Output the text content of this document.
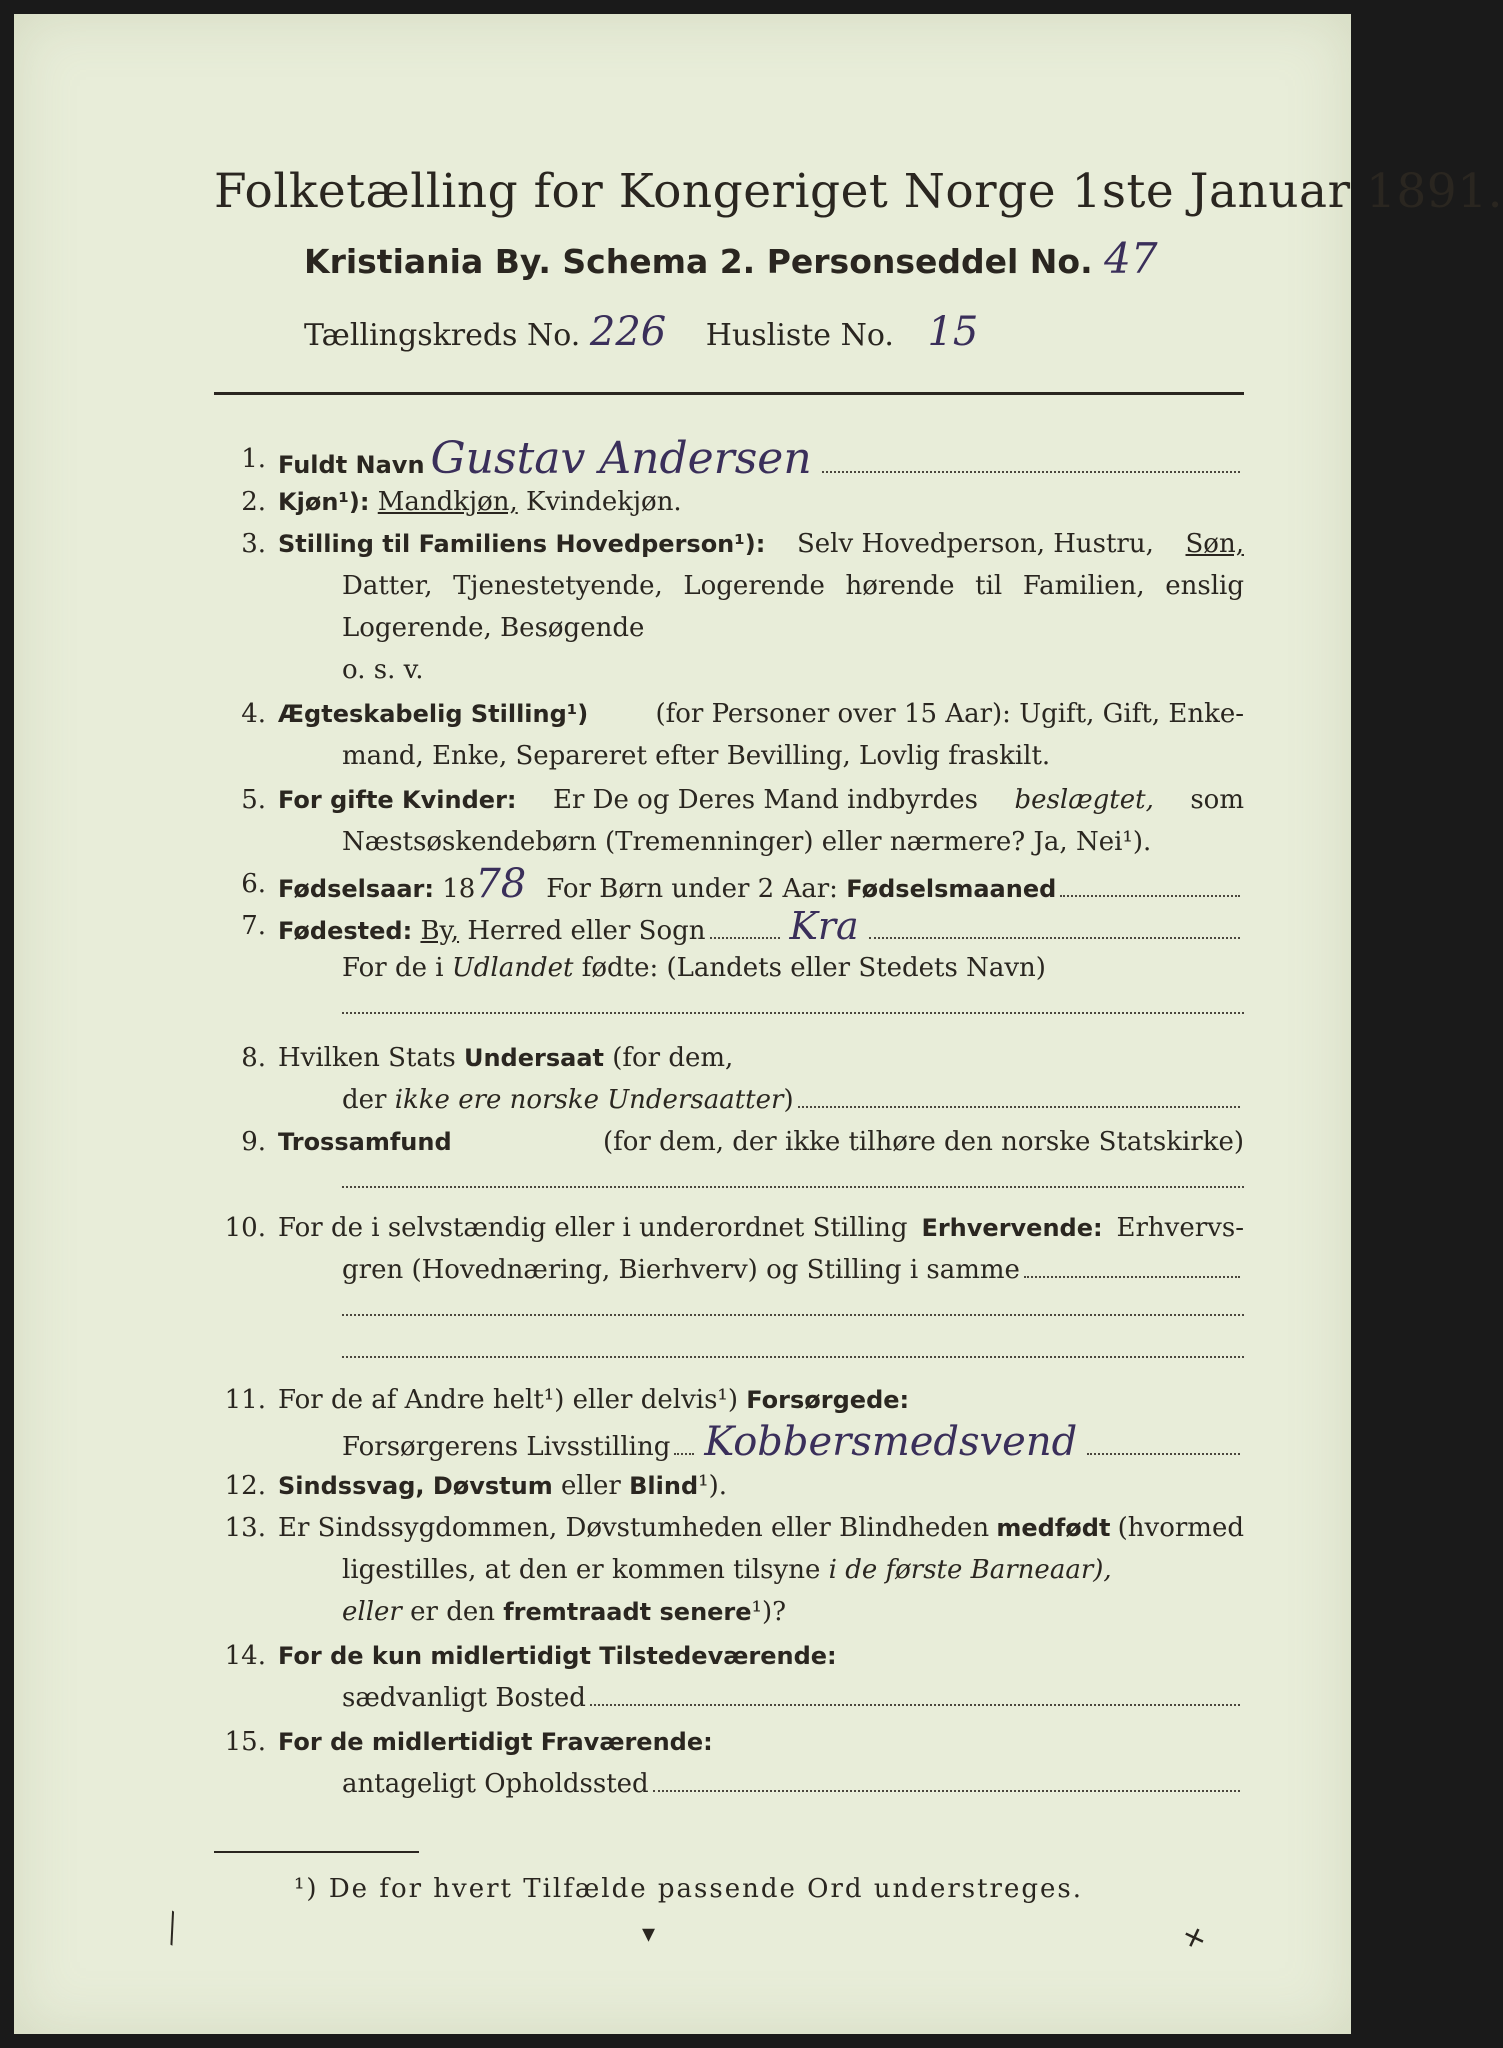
Folketælling for Kongeriget Norge 1ste Januar 1891.
Kristiania By. Schema 2. Personseddel No. 47
Tællingskreds No. 226 Husliste No. 15
1. Fuldt Navn Gustav Andersen
2. Kjøn¹):
Mandkjøn,
Kvindekjøn.
3. Stilling til Familiens Hovedperson¹): Selv Hovedperson, Hustru, Søn,
Datter, Tjenestetyende, Logerende hørende til Familien, enslig
Logerende, Besøgende
o. s. v.
4. Ægteskabelig Stilling¹)	(for Personer over 15 Aar): Ugift, Gift, Enke-
mand, Enke, Separeret efter Bevilling, Lovlig fraskilt.
5. For gifte Kvinder: Er De og Deres Mand indbyrdes beslægtet, som
Næstsøskendebørn (Tremenninger) eller nærmere? Ja, Nei¹).
6. Fødselsaar:
18 78 For Børn under 2 Aar:
Fødselsmaaned
7. Fødested:
By,
Herred eller Sogn Kra
For de i
Udlandet
fødte: (Landets eller Stedets Navn)
8. Hvilken Stats
Undersaat
(for dem,
der
ikke ere norske Undersaatter )
9. Trossamfund	(for dem, der ikke tilhøre den norske Statskirke)
10. For de i selvstændig eller i underordnet Stilling Erhvervende: Erhvervs-
gren (Hovednæring, Bierhverv) og Stilling i samme
11. For de af Andre helt¹) eller delvis¹)
Forsørgede:
Forsørgerens Livsstilling Kobbersmedsvend
12. Sindssvag, Døvstum
eller
Blind ¹).
13. Er Sindssygdommen, Døvstumheden eller Blindheden medfødt (hvormed
ligestilles, at den er kommen tilsyne
i de første Barneaar),
eller
er den
fremtraadt senere ¹)?
14. For de kun midlertidigt Tilstedeværende:
sædvanligt Bosted
15. For de midlertidigt Fraværende:
antageligt Opholdssted
¹) De for hvert Tilfælde passende Ord understreges.
╲	▾	✕
